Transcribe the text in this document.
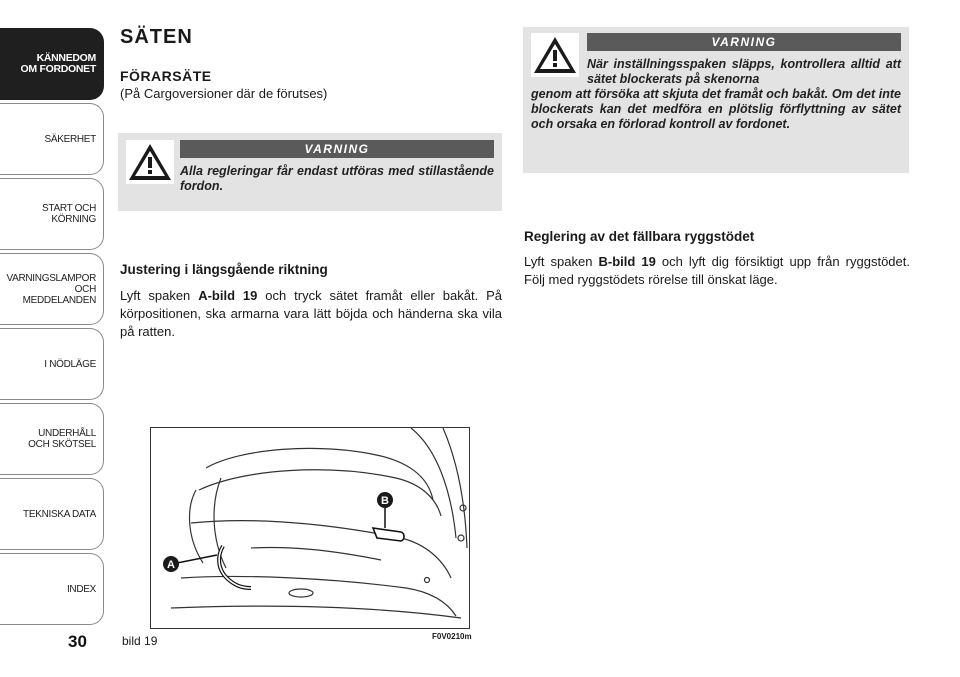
KÄNNEDOM
OM FORDONET
SÄKERHET
START OCH
KÖRNING
VARNINGSLAMPOR
OCH
MEDDELANDEN
I NÖDLÄGE
UNDERHÅLL
OCH SKÖTSEL
TEKNISKA DATA
INDEX
30
SÄTEN
FÖRARSÄTE
(På Cargoversioner där de förutses)
VARNING
Alla regleringar får endast utföras med stillastående fordon.
VARNING
När inställningsspaken släpps, kontrollera alltid att sätet blockerats på skenorna
genom att försöka att skjuta det framåt och bakåt. Om det inte blockerats kan det medföra en plötslig förflyttning av sätet och orsaka en förlorad kontroll av fordonet.
Justering i längsgående riktning
Lyft spaken A-bild 19 och tryck sätet framåt eller bakåt. På körpositionen, ska armarna vara lätt böjda och händerna ska vila på ratten.
Reglering av det fällbara ryggstödet
Lyft spaken B-bild 19 och lyft dig försiktigt upp från ryggstödet. Följ med ryggstödets rörelse till önskat läge.
A
B
bild 19	F0V0210m
